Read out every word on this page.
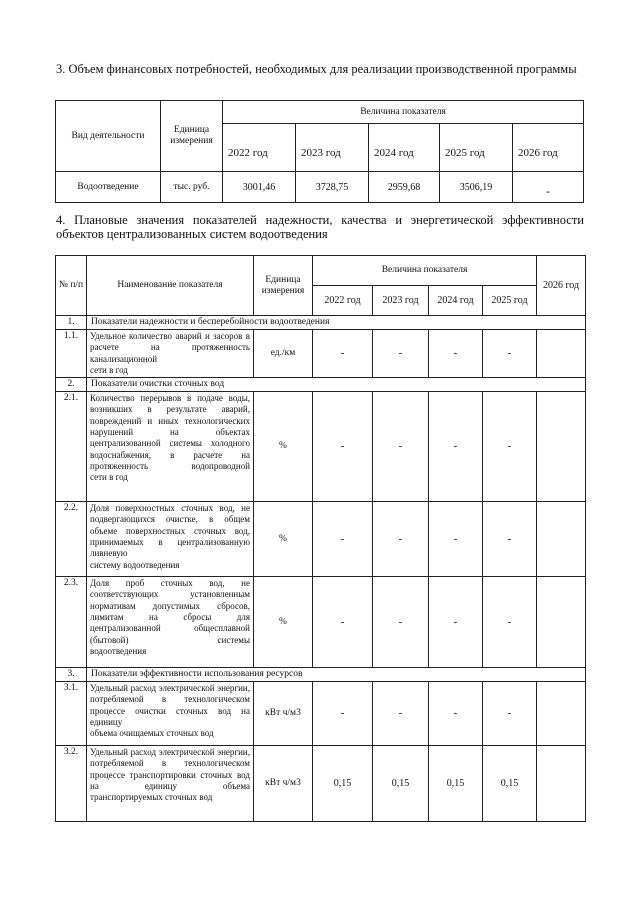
3. Объем финансовых потребностей, необходимых для реализации производственной программы
Вид деятельности	Единица измерения	Величина показателя				
		2022 год	2023 год	2024 год	2025 год	2026 год
Водоотведение	тыс. руб.	3001,46	3728,75	2959,68	3506,19	-
4. Плановые значения показателей надежности, качества и энергетической эффективности объектов централизованных систем водоотведения
№ п/п	Наименование показателя	Единица измерения	Величина показателя				2026 год
			2022 год	2023 год	2024 год	2025 год	
1.	Показатели надежности и бесперебойности водоотведения						
1.1.	Удельное количество аварий и засоров в расчете на протяженность канализационной
сети в год	ед./км	-	-	-	-	
2.	Показатели очистки сточных вод						
2.1.	Количество перерывов в подаче воды, возникших в результате аварий, повреждений и иных технологических нарушений на объектах централизованной системы холодного водоснабжения, в расчете на протяженность водопроводной
сети в год	%	-	-	-	-	
2.2.	Доля поверхностных сточных вод, не подвергающихся очистке, в общем объеме поверхностных сточных вод, принимаемых в централизованную ливневую
систему водоотведения	%	-	-	-	-	
2.3.	Доля проб сточных вод, не соответствующих установленным нормативам допустимых сбросов, лимитам на сбросы для централизованной общесплавной (бытовой) системы
водоотведения	%	-	-	-	-	
3.	Показатели эффективности использования ресурсов						
3.1.	Удельный расход электрической энергии, потребляемой в технологическом процессе очистки сточных вод на единицу
объема очищаемых сточных вод	кВт ч/м3	-	-	-	-	
3.2.	Удельный расход электрической энергии, потребляемой в технологическом процессе транспортировки сточных вод на единицу объема
транспортируемых сточных вод	кВт ч/м3	0,15	0,15	0,15	0,15	
